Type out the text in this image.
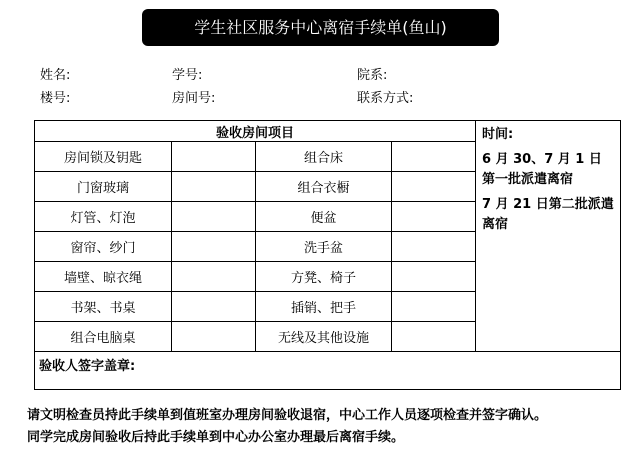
学生社区服务中心离宿手续单(鱼山)
姓名:	学号:	院系:
楼号:	房间号:	联系方式:
验收房间项目				时间:

6 月 30、7 月 1 日第一批派遣离宿

7 月 21 日第二批派遣离宿

房间锁及钥匙		组合床		
门窗玻璃		组合衣橱		
灯管、灯泡		便盆		
窗帘、纱门		洗手盆		
墙壁、晾衣绳		方凳、椅子		
书架、书桌		插销、把手		
组合电脑桌		无线及其他设施		
验收人签字盖章:				
请文明检查员持此手续单到值班室办理房间验收退宿，中心工作人员逐项检查并签字确认。
同学完成房间验收后持此手续单到中心办公室办理最后离宿手续。
